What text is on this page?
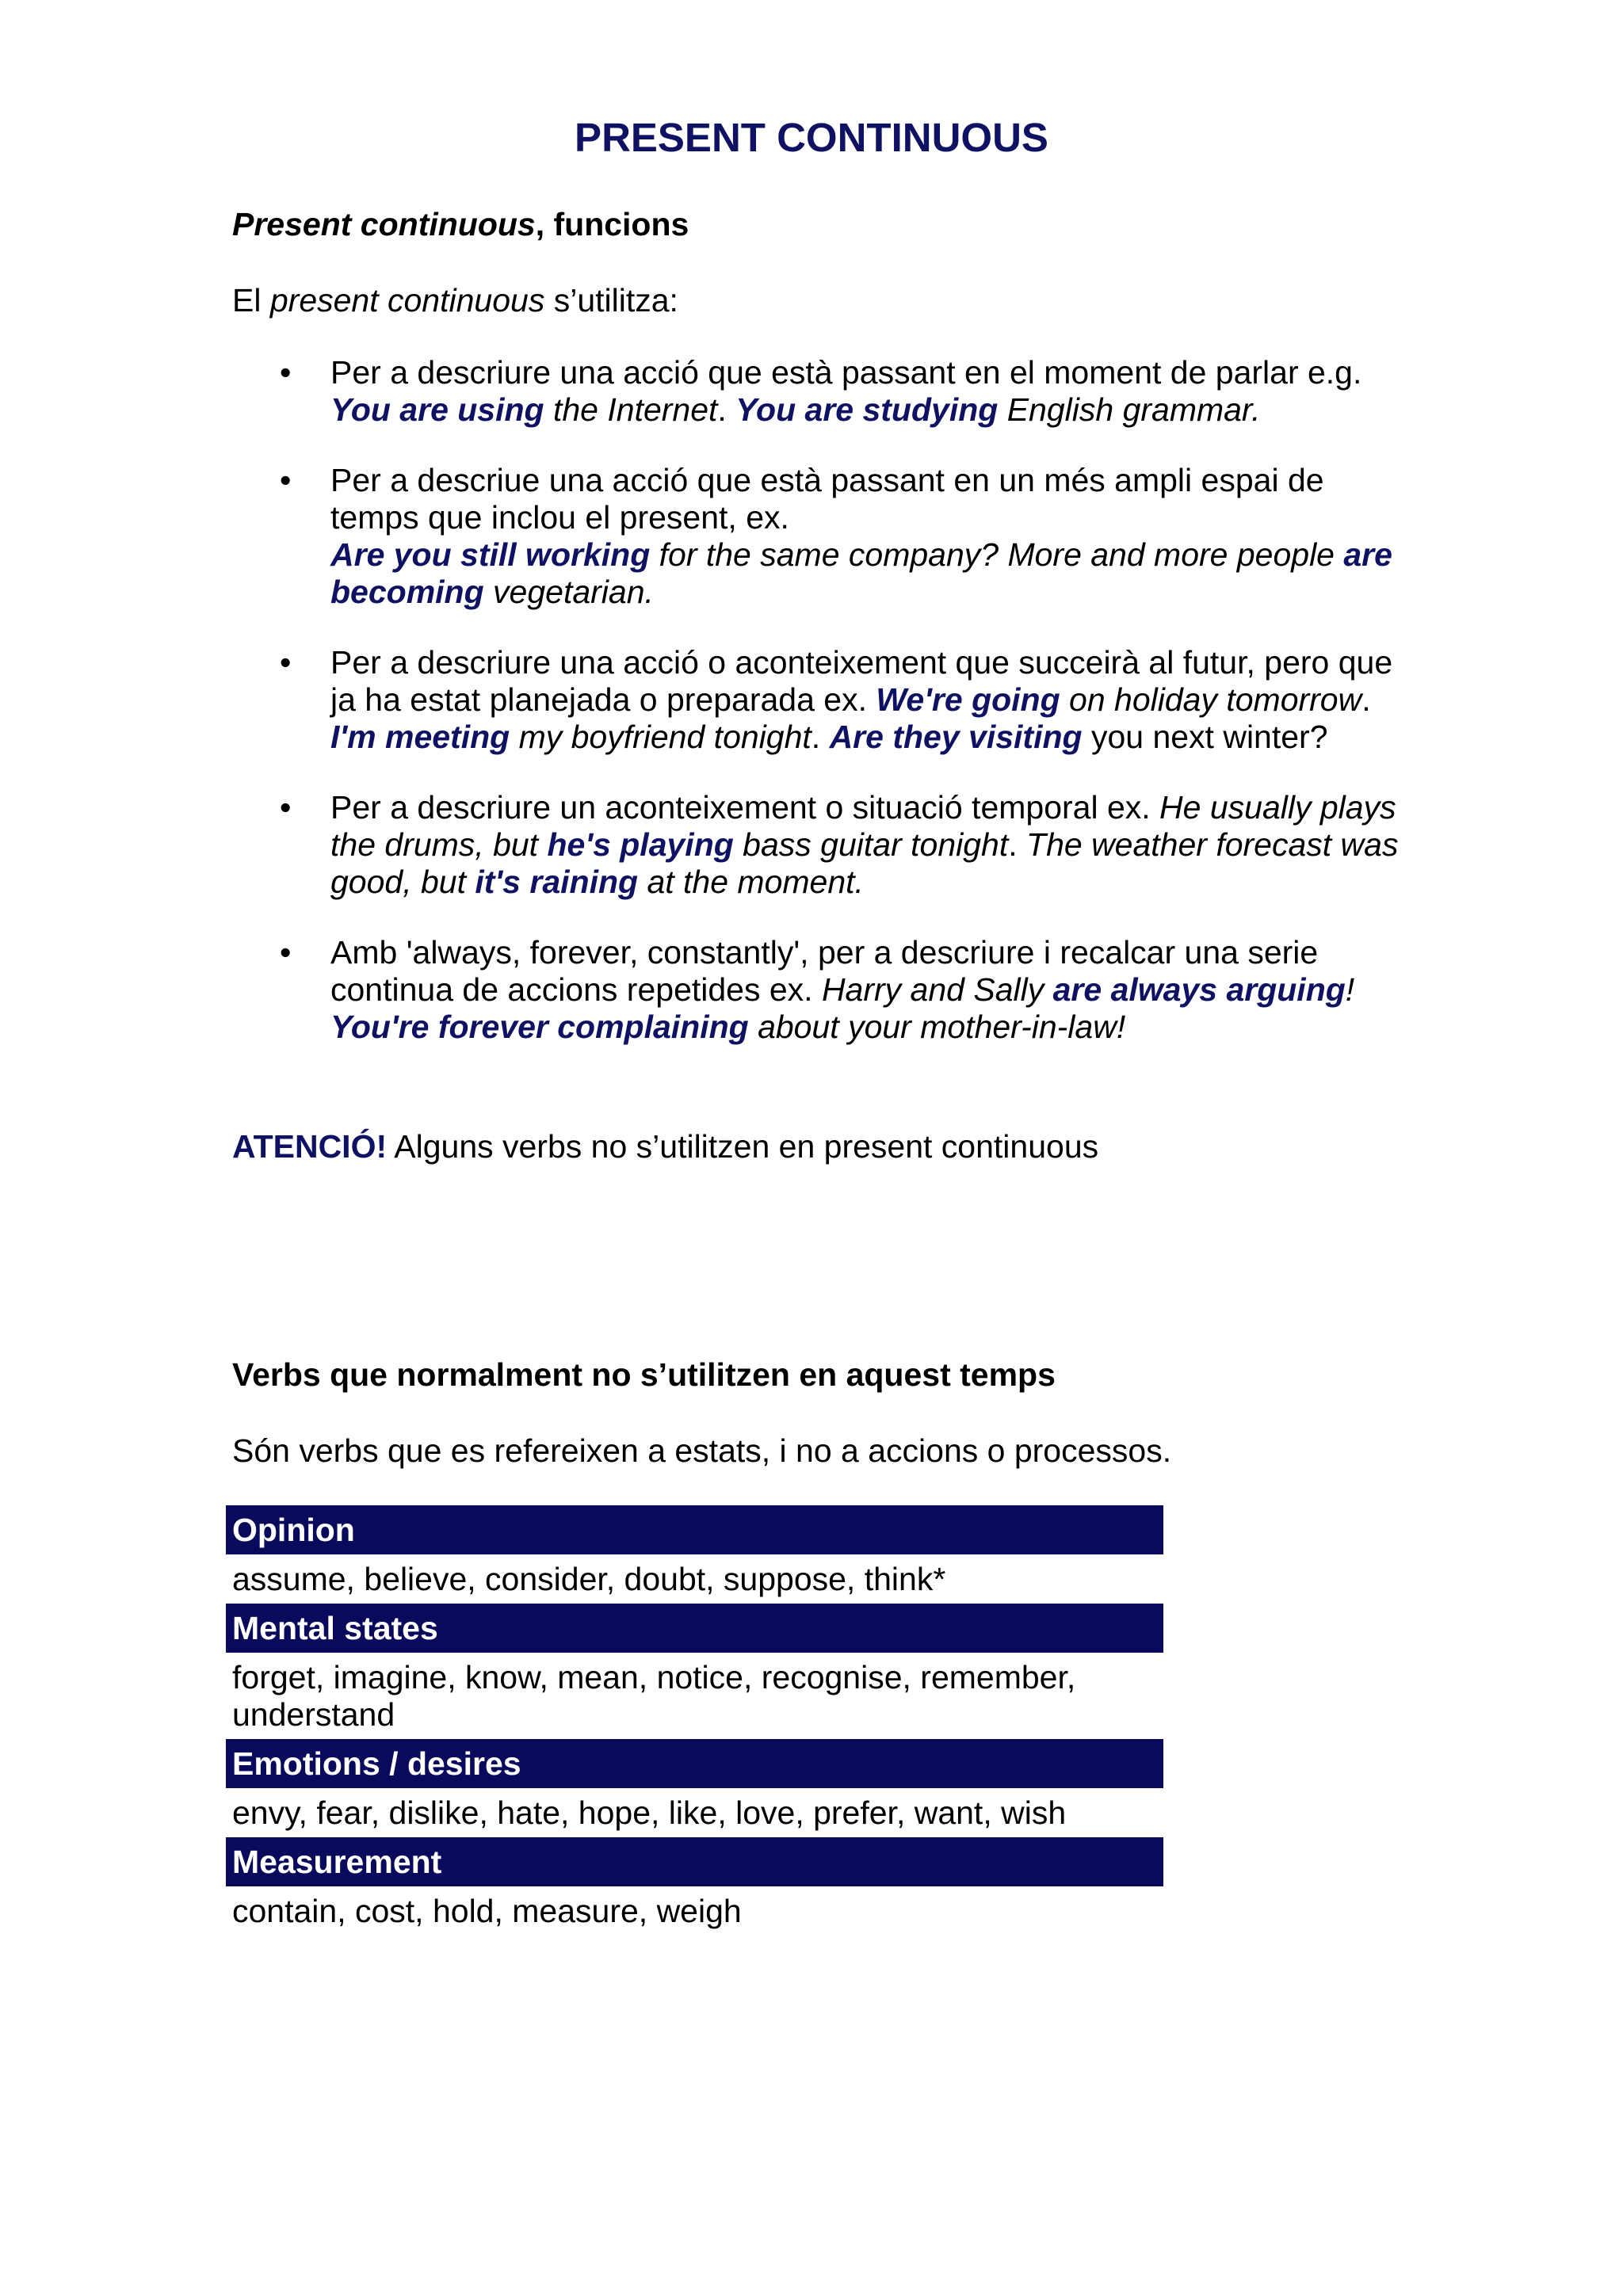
PRESENT CONTINUOUS

Present continuous, funcions

El present continuous s’utilitza:

•	Per a descriure una acció que està passant en el moment de parlar e.g. You are using the Internet. You are studying English grammar.
•	Per a descriue una acció que està passant en un més ampli espai de temps que inclou el present, ex.
Are you still working for the same company? More and more people are becoming vegetarian.
•	Per a descriure una acció o aconteixement que succeirà al futur, pero que ja ha estat planejada o preparada ex. We're going on holiday tomorrow. I'm meeting my boyfriend tonight. Are they visiting you next winter?
•	Per a descriure un aconteixement o situació temporal ex. He usually plays the drums, but he's playing bass guitar tonight. The weather forecast was good, but it's raining at the moment.
•	Amb 'always, forever, constantly', per a descriure i recalcar una serie continua de accions repetides ex. Harry and Sally are always arguing! You're forever complaining about your mother-in-law!

ATENCIÓ! Alguns verbs no s’utilitzen en present continuous

Verbs que normalment no s’utilitzen en aquest temps

Són verbs que es refereixen a estats, i no a accions o processos.

Opinion
assume, believe, consider, doubt, suppose, think*
Mental states
forget, imagine, know, mean, notice, recognise, remember, understand
Emotions / desires
envy, fear, dislike, hate, hope, like, love, prefer, want, wish
Measurement
contain, cost, hold, measure, weigh
